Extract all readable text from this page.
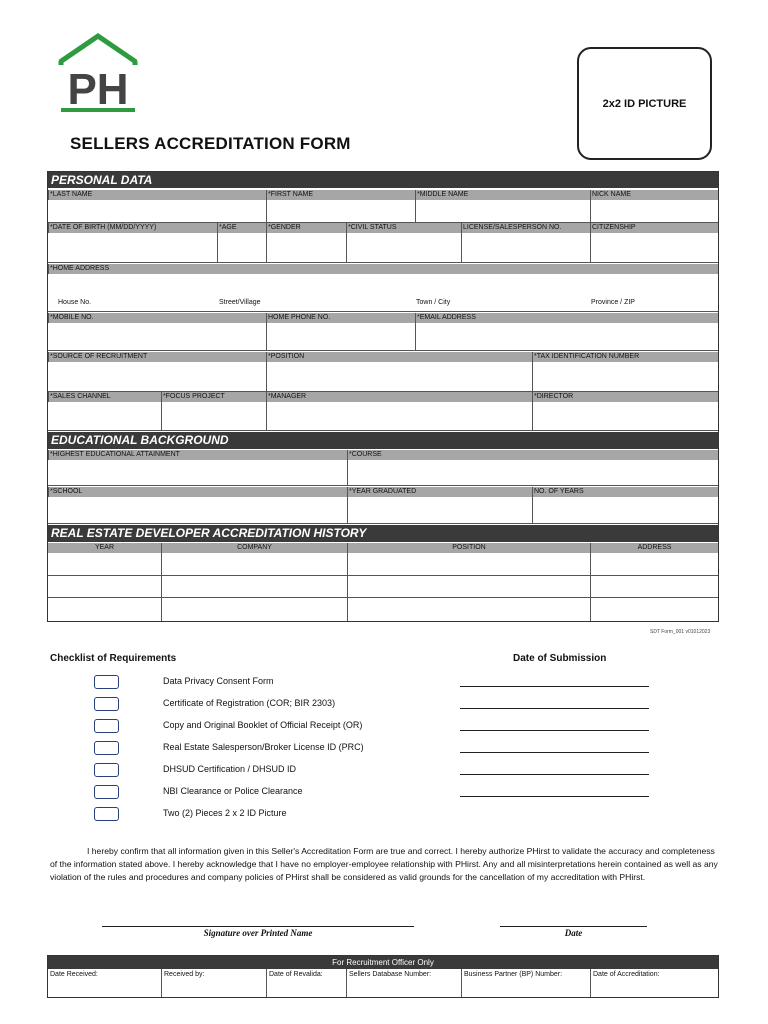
PH
SELLERS ACCREDITATION FORM
2x2 ID PICTURE
PERSONAL DATA
*LAST NAME	*FIRST NAME	*MIDDLE NAME	NICK NAME
*DATE OF BIRTH (MM/DD/YYYY)	*AGE	*GENDER	*CIVIL STATUS	LICENSE/SALESPERSON NO.	CITIZENSHIP
*HOME ADDRESS
House No.	Street/Village	Town / City	Province / ZIP
*MOBILE NO.	HOME PHONE NO.	*EMAIL ADDRESS
*SOURCE OF RECRUITMENT	*POSITION	*TAX IDENTIFICATION NUMBER
*SALES CHANNEL	*FOCUS PROJECT	*MANAGER	*DIRECTOR
EDUCATIONAL BACKGROUND
*HIGHEST EDUCATIONAL ATTAINMENT	*COURSE
*SCHOOL	*YEAR GRADUATED	NO. OF YEARS
REAL ESTATE DEVELOPER ACCREDITATION HISTORY
YEAR	COMPANY	POSITION	ADDRESS
SDT Form_001 v01012023
Checklist of Requirements	Date of Submission
Data Privacy Consent Form
Certificate of Registration (COR; BIR 2303)
Copy and Original Booklet of Official Receipt (OR)
Real Estate Salesperson/Broker License ID (PRC)
DHSUD Certification / DHSUD ID
NBI Clearance or Police Clearance
Two (2) Pieces 2 x 2 ID Picture

I hereby confirm that all information given in this Seller's Accreditation Form are true and correct. I hereby authorize PHirst to validate the accuracy and completeness of the information stated above. I hereby acknowledge that I have no employer-employee relationship with PHirst. Any and all misinterpretations herein contained as well as any violation of the rules and procedures and company policies of PHirst shall be considered as valid grounds for the cancellation of my accreditation with PHirst.

Signature over Printed Name	Date
For Recruitment Officer Only
Date Received:	Received by:	Date of Revalida:	Sellers Database Number:	Business Partner (BP) Number:	Date of Accreditation:
